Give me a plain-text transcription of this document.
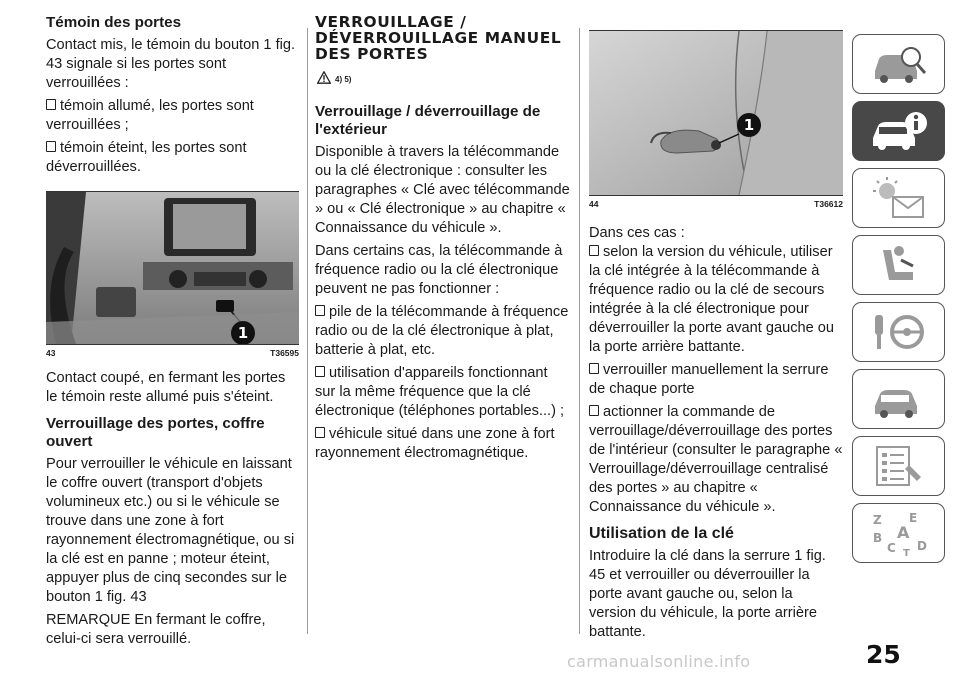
Témoin des portes

Contact mis, le témoin du bouton 1 fig. 43 signale si les portes sont verrouillées :

témoin allumé, les portes sont verrouillées ;

témoin éteint, les portes sont déverrouillées.

1
43	T36595

Contact coupé, en fermant les portes le témoin reste allumé puis s'éteint.

Verrouillage des portes, coffre ouvert

Pour verrouiller le véhicule en laissant le coffre ouvert (transport d'objets volumineux etc.) ou si le véhicule se trouve dans une zone à fort rayonnement électromagnétique, ou si la clé est en panne ; moteur éteint, appuyer plus de cinq secondes sur le bouton 1 fig. 43

REMARQUE En fermant le coffre, celui-ci sera verrouillé.

VERROUILLAGE / DÉVERROUILLAGE MANUEL DES PORTES

4) 5)

Verrouillage / déverrouillage de l'extérieur

Disponible à travers la télécommande ou la clé électronique : consulter les paragraphes « Clé avec télécommande » ou « Clé électronique » au chapitre « Connaissance du véhicule ».

Dans certains cas, la télécommande à fréquence radio ou la clé électronique peuvent ne pas fonctionner :

pile de la télécommande à fréquence radio ou de la clé électronique à plat, batterie à plat, etc.

utilisation d'appareils fonctionnant sur la même fréquence que la clé électronique (téléphones portables...) ;

véhicule situé dans une zone à fort rayonnement électromagnétique.

1
44	T36612

Dans ces cas :

selon la version du véhicule, utiliser la clé intégrée à la télécommande à fréquence radio ou la clé de secours intégrée à la clé électronique pour déverrouiller la porte avant gauche ou la porte arrière battante.

verrouiller manuellement la serrure de chaque porte

actionner la commande de verrouillage/déverrouillage des portes de l'intérieur (consulter le paragraphe « Verrouillage/déverrouillage centralisé des portes » au chapitre « Connaissance du véhicule ».

Utilisation de la clé

Introduire la clé dans la serrure 1 fig. 45 et verrouiller ou déverrouiller la porte avant gauche ou, selon la version du véhicule, la porte arrière battante.

Z E
A
B
C D
T
25
carmanualsonline.info
